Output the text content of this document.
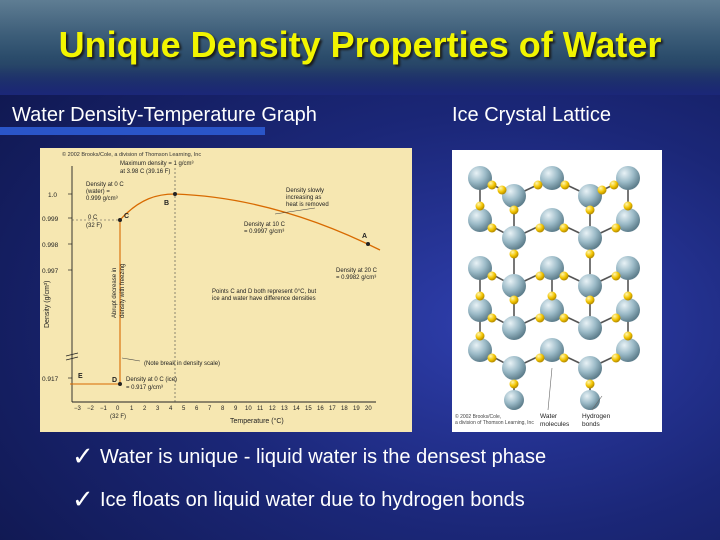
Unique Density Properties of Water
Water Density-Temperature Graph	Ice Crystal Lattice
© 2002 Brooks/Cole, a division of Thomson Learning, Inc
Density (g/cm³)
Temperature (°C)
1.0
0.999
0.998
0.997
0.917
−3 −2 −1 0 1 2 3 4 5 6 7 8 9 10 11 12 13 14 15 16 17 18 19 20
(32 F)
C
B
A
D
E
Maximum density = 1 g/cm³
at 3.98 C (39.16 F)
Density at 0 C
(water) =
0.999 g/cm³
Density slowly
increasing as
heat is removed
Density at 10 C
= 0.9997 g/cm³
Density at 20 C
= 0.9982 g/cm³
0 C
(32 F)
Points C and D both represent 0°C, but
ice and water have difference densities
(Note break in density scale)
Density at 0 C (ice)
= 0.917 g/cm³
Abrupt decrease in density with freezing
© 2002 Brooks/Cole,
a division of Thomson Learning, Inc
Water
molecules
Hydrogen
bonds
✓ Water is unique - liquid water is the densest phase
✓ Ice floats on liquid water due to hydrogen bonds
